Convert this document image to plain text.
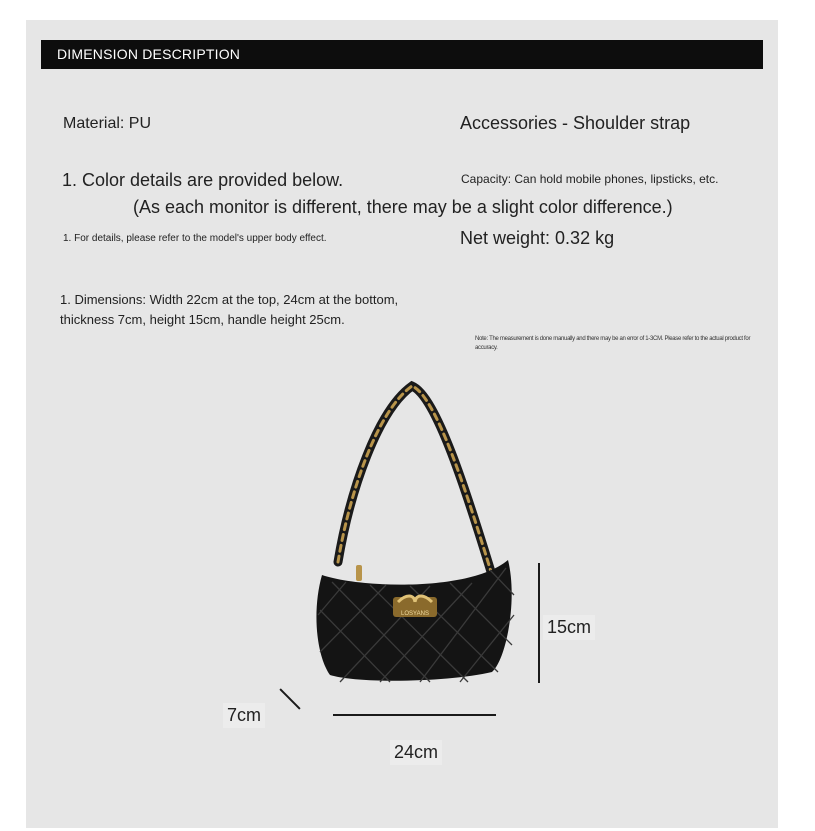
DIMENSION DESCRIPTION
Material: PU	Accessories - Shoulder strap
1. Color details are provided below.	Capacity: Can hold mobile phones, lipsticks, etc.
(As each monitor is different, there may be a slight color difference.)
1. For details, please refer to the model's upper body effect.	Net weight: 0.32 kg
1. Dimensions: Width 22cm at the top, 24cm at the bottom,
thickness 7cm, height 15cm, handle height 25cm.
Note: The measurement is done manually and there may be an error of 1-3CM. Please refer to the actual product for accuracy.
LOSYANS
15cm
24cm
7cm
